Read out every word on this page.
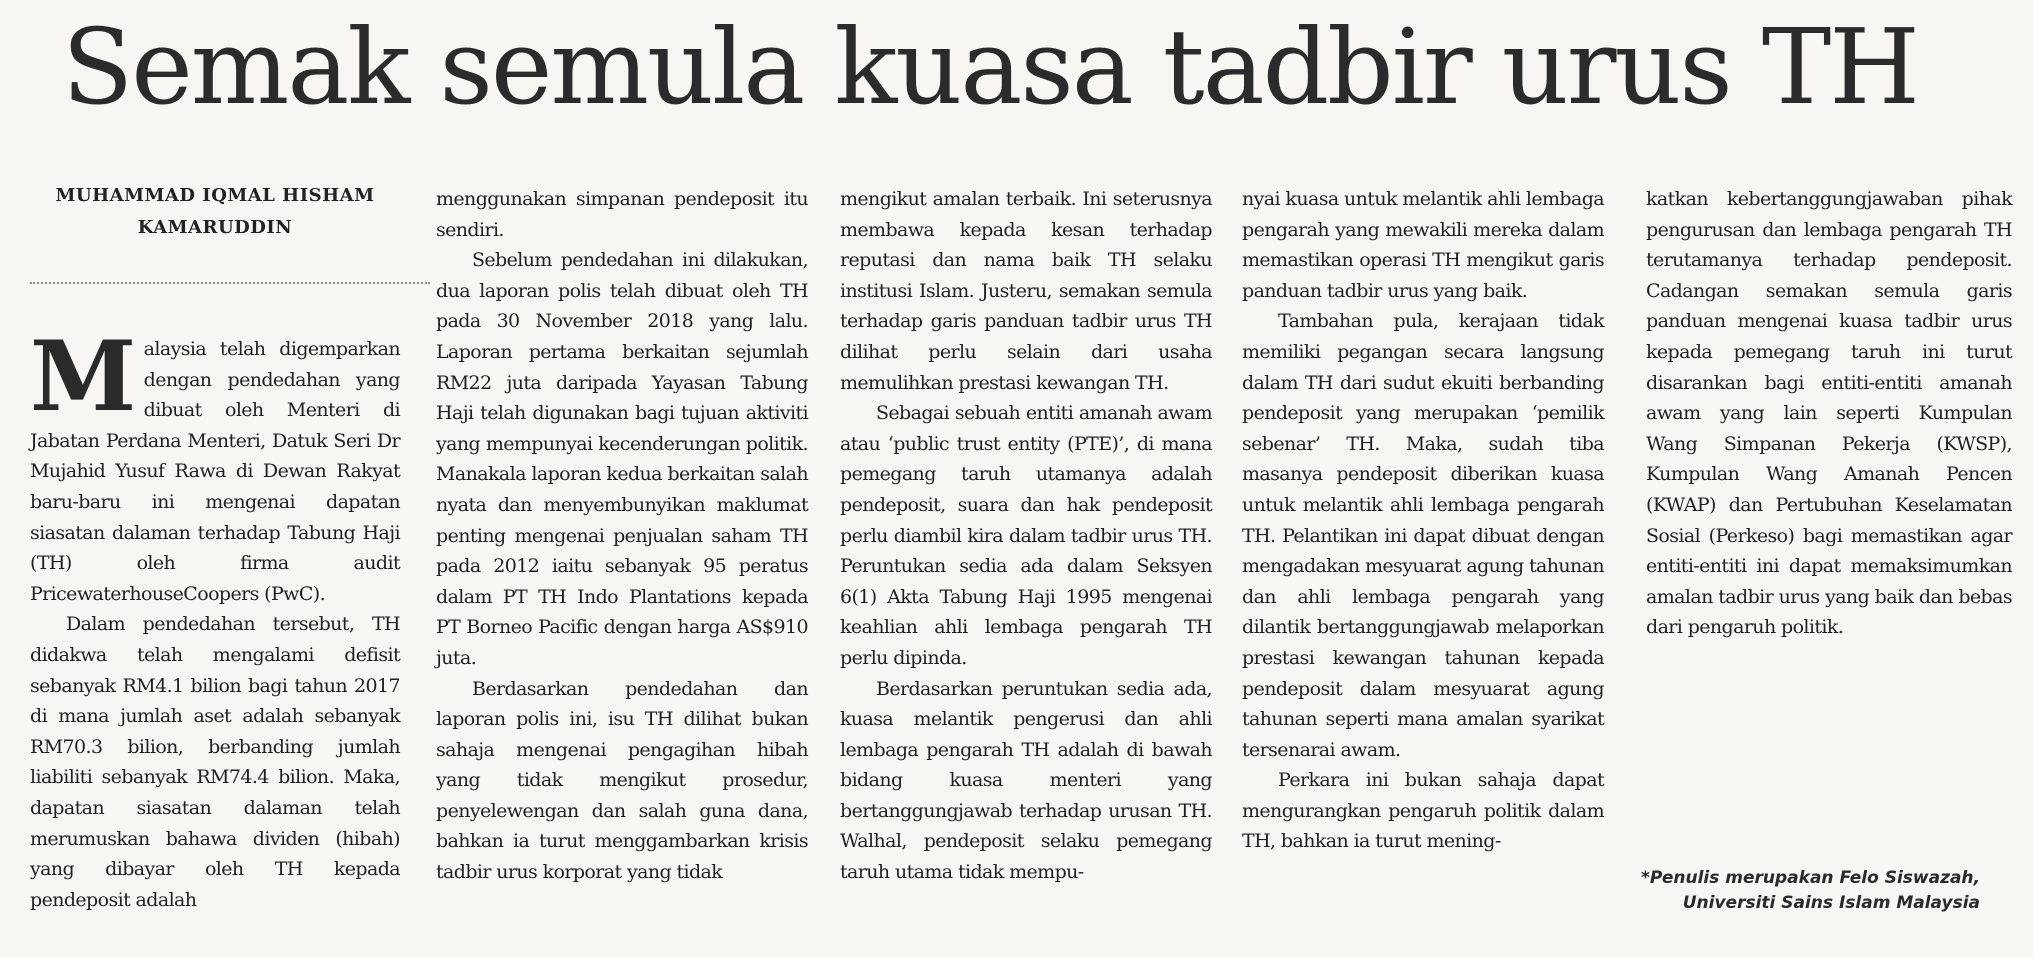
Semak semula kuasa tadbir urus TH
MUHAMMAD IQMAL HISHAM
KAMARUDDIN

Malaysia telah digemparkan dengan pendedahan yang dibuat oleh Menteri di Jabatan Perdana Menteri, Datuk Seri Dr Mujahid Yusuf Rawa di Dewan Rakyat baru-baru ini mengenai dapatan siasatan dalaman terhadap Tabung Haji (TH) oleh firma audit PricewaterhouseCoopers (PwC).

Dalam pendedahan tersebut, TH didakwa telah mengalami defisit sebanyak RM4.1 bilion bagi tahun 2017 di mana jumlah aset adalah sebanyak RM70.3 bilion, berbanding jumlah liabiliti sebanyak RM74.4 bilion. Maka, dapatan siasatan dalaman telah merumuskan bahawa dividen (hibah) yang dibayar oleh TH kepada pendeposit adalah

menggunakan simpanan pendeposit itu sendiri.

Sebelum pendedahan ini dilakukan, dua laporan polis telah dibuat oleh TH pada 30 November 2018 yang lalu. Laporan pertama berkaitan sejumlah RM22 juta daripada Yayasan Tabung Haji telah digunakan bagi tujuan aktiviti yang mempunyai kecenderungan politik. Manakala laporan kedua berkaitan salah nyata dan menyembunyikan maklumat penting mengenai penjualan saham TH pada 2012 iaitu sebanyak 95 peratus dalam PT TH Indo Plantations kepada PT Borneo Pacific dengan harga AS$910 juta.

Berdasarkan pendedahan dan laporan polis ini, isu TH dilihat bukan sahaja mengenai pengagihan hibah yang tidak mengikut prosedur, penyelewengan dan salah guna dana, bahkan ia turut menggambarkan krisis tadbir urus korporat yang tidak

mengikut amalan terbaik. Ini seterusnya membawa kepada kesan terhadap reputasi dan nama baik TH selaku institusi Islam. Justeru, semakan semula terhadap garis panduan tadbir urus TH dilihat perlu selain dari usaha memulihkan prestasi kewangan TH.

Sebagai sebuah entiti amanah awam atau ‘public trust entity (PTE)’, di mana pemegang taruh utamanya adalah pendeposit, suara dan hak pendeposit perlu diambil kira dalam tadbir urus TH. Peruntukan sedia ada dalam Seksyen 6(1) Akta Tabung Haji 1995 mengenai keahlian ahli lembaga pengarah TH perlu dipinda.

Berdasarkan peruntukan sedia ada, kuasa melantik pengerusi dan ahli lembaga pengarah TH adalah di bawah bidang kuasa menteri yang bertanggungjawab terhadap urusan TH. Walhal, pendeposit selaku pemegang taruh utama tidak mempu-

nyai kuasa untuk melantik ahli lembaga pengarah yang mewakili mereka dalam memastikan operasi TH mengikut garis panduan tadbir urus yang baik.

Tambahan pula, kerajaan tidak memiliki pegangan secara langsung dalam TH dari sudut ekuiti berbanding pendeposit yang merupakan ‘pemilik sebenar’ TH. Maka, sudah tiba masanya pendeposit diberikan kuasa untuk melantik ahli lembaga pengarah TH. Pelantikan ini dapat dibuat dengan mengadakan mesyuarat agung tahunan dan ahli lembaga pengarah yang dilantik bertanggungjawab melaporkan prestasi kewangan tahunan kepada pendeposit dalam mesyuarat agung tahunan seperti mana amalan syarikat tersenarai awam.

Perkara ini bukan sahaja dapat mengurangkan pengaruh politik dalam TH, bahkan ia turut mening-

katkan kebertanggungjawaban pihak pengurusan dan lembaga pengarah TH terutamanya terhadap pendeposit. Cadangan semakan semula garis panduan mengenai kuasa tadbir urus kepada pemegang taruh ini turut disarankan bagi entiti-entiti amanah awam yang lain seperti Kumpulan Wang Simpanan Pekerja (KWSP), Kumpulan Wang Amanah Pencen (KWAP) dan Pertubuhan Keselamatan Sosial (Perkeso) bagi memastikan agar entiti-entiti ini dapat memaksimumkan amalan tadbir urus yang baik dan bebas dari pengaruh politik.

*Penulis merupakan Felo Siswazah,
Universiti Sains Islam Malaysia
